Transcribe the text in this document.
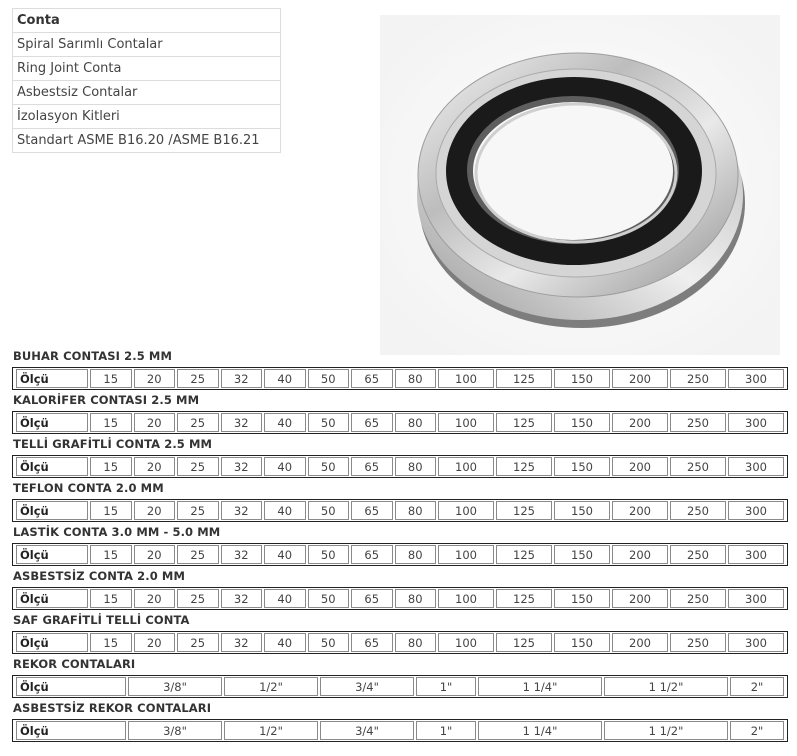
Conta
Spiral Sarımlı Contalar
Ring Joint Conta
Asbestsiz Contalar
İzolasyon Kitleri
Standart ASME B16.20 /ASME B16.21
BUHAR CONTASI 2.5 MM
Ölçü	15	20	25	32	40	50	65	80	100	125	150	200	250	300
KALORİFER CONTASI 2.5 MM
Ölçü	15	20	25	32	40	50	65	80	100	125	150	200	250	300
TELLİ GRAFİTLİ CONTA 2.5 MM
Ölçü	15	20	25	32	40	50	65	80	100	125	150	200	250	300
TEFLON CONTA 2.0 MM
Ölçü	15	20	25	32	40	50	65	80	100	125	150	200	250	300
LASTİK CONTA 3.0 MM - 5.0 MM
Ölçü	15	20	25	32	40	50	65	80	100	125	150	200	250	300
ASBESTSİZ CONTA 2.0 MM
Ölçü	15	20	25	32	40	50	65	80	100	125	150	200	250	300
SAF GRAFİTLİ TELLİ CONTA
Ölçü	15	20	25	32	40	50	65	80	100	125	150	200	250	300
REKOR CONTALARI
Ölçü	3/8"	1/2"	3/4"	1"	1 1/4"	1 1/2"	2"
ASBESTSİZ REKOR CONTALARI
Ölçü	3/8"	1/2"	3/4"	1"	1 1/4"	1 1/2"	2"
